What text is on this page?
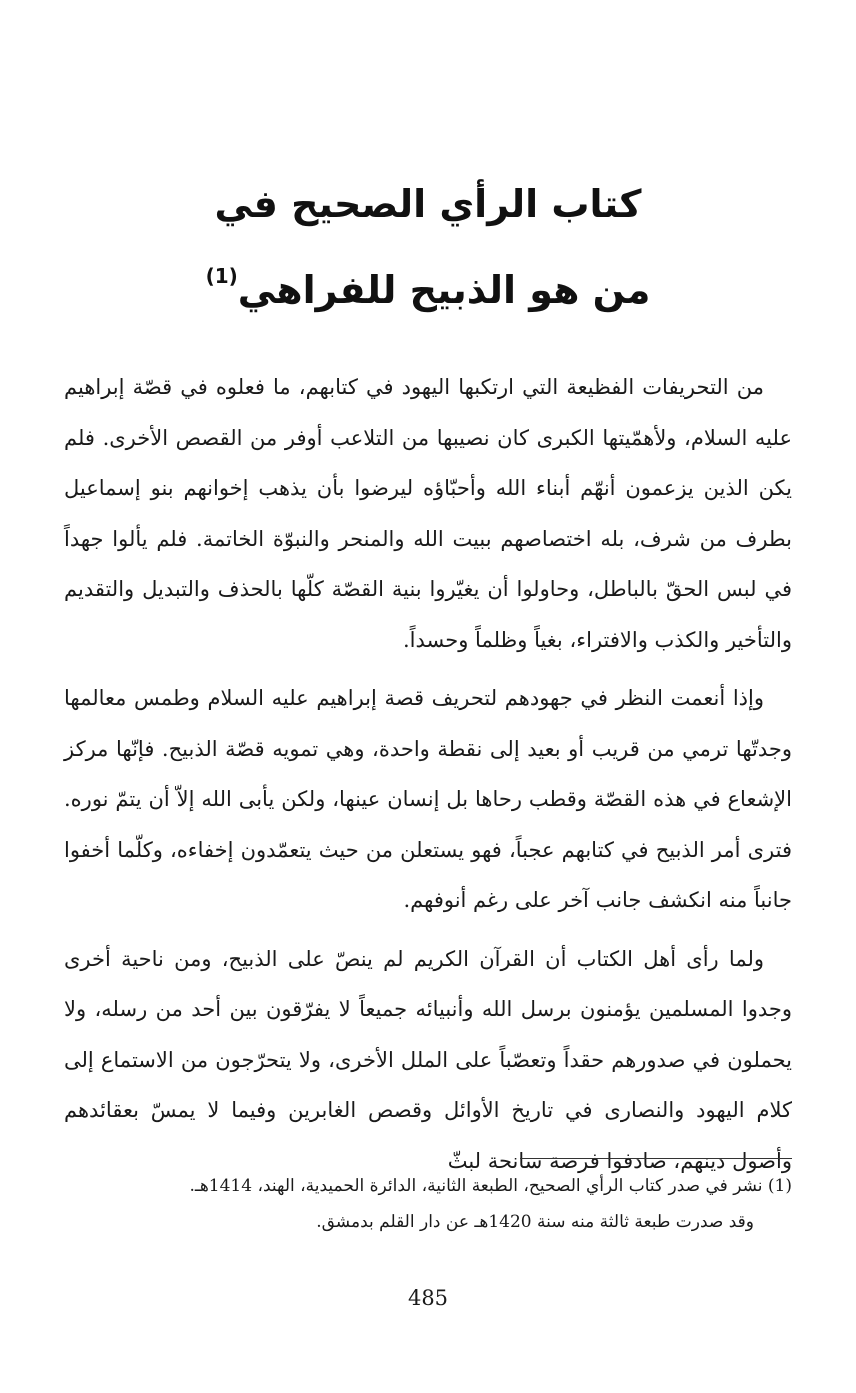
كتاب الرأي الصحيح في
من هو الذبيح للفراهي$^{(1)}$

من التحريفات الفظيعة التي ارتكبها اليهود في كتابهم، ما فعلوه في قصّة إبراهيم عليه السلام، ولأهمّيتها الكبرى كان نصيبها من التلاعب أوفر من القصص الأخرى. فلم يكن الذين يزعمون أنهّم أبناء الله وأحبّاؤه ليرضوا بأن يذهب إخوانهم بنو إسماعيل بطرف من شرف، بله اختصاصهم ببيت الله والمنحر والنبوّة الخاتمة. فلم يألوا جهداً في لبس الحقّ بالباطل، وحاولوا أن يغيّروا بنية القصّة كلّها بالحذف والتبديل والتقديم والتأخير والكذب والافتراء، بغياً وظلماً وحسداً.

وإذا أنعمت النظر في جهودهم لتحريف قصة إبراهيم عليه السلام وطمس معالمها وجدتّها ترمي من قريب أو بعيد إلى نقطة واحدة، وهي تمويه قصّة الذبيح. فإنّها مركز الإشعاع في هذه القصّة وقطب رحاها بل إنسان عينها، ولكن يأبى الله إلاّ أن يتمّ نوره. فترى أمر الذبيح في كتابهم عجباً، فهو يستعلن من حيث يتعمّدون إخفاءه، وكلّما أخفوا جانباً منه انكشف جانب آخر على رغم أنوفهم.

ولما رأى أهل الكتاب أن القرآن الكريم لم ينصّ على الذبيح، ومن ناحية أخرى وجدوا المسلمين يؤمنون برسل الله وأنبيائه جميعاً لا يفرّقون بين أحد من رسله، ولا يحملون في صدورهم حقداً وتعصّباً على الملل الأخرى، ولا يتحرّجون من الاستماع إلى كلام اليهود والنصارى في تاريخ الأوائل وقصص الغابرين وفيما لا يمسّ بعقائدهم وأصول دينهم، صادفوا فرصة سانحة لبثّ

(1) نشر في صدر كتاب الرأي الصحيح، الطبعة الثانية، الدائرة الحميدية، الهند، 1414هـ.
وقد صدرت طبعة ثالثة منه سنة 1420هـ عن دار القلم بدمشق.
485
